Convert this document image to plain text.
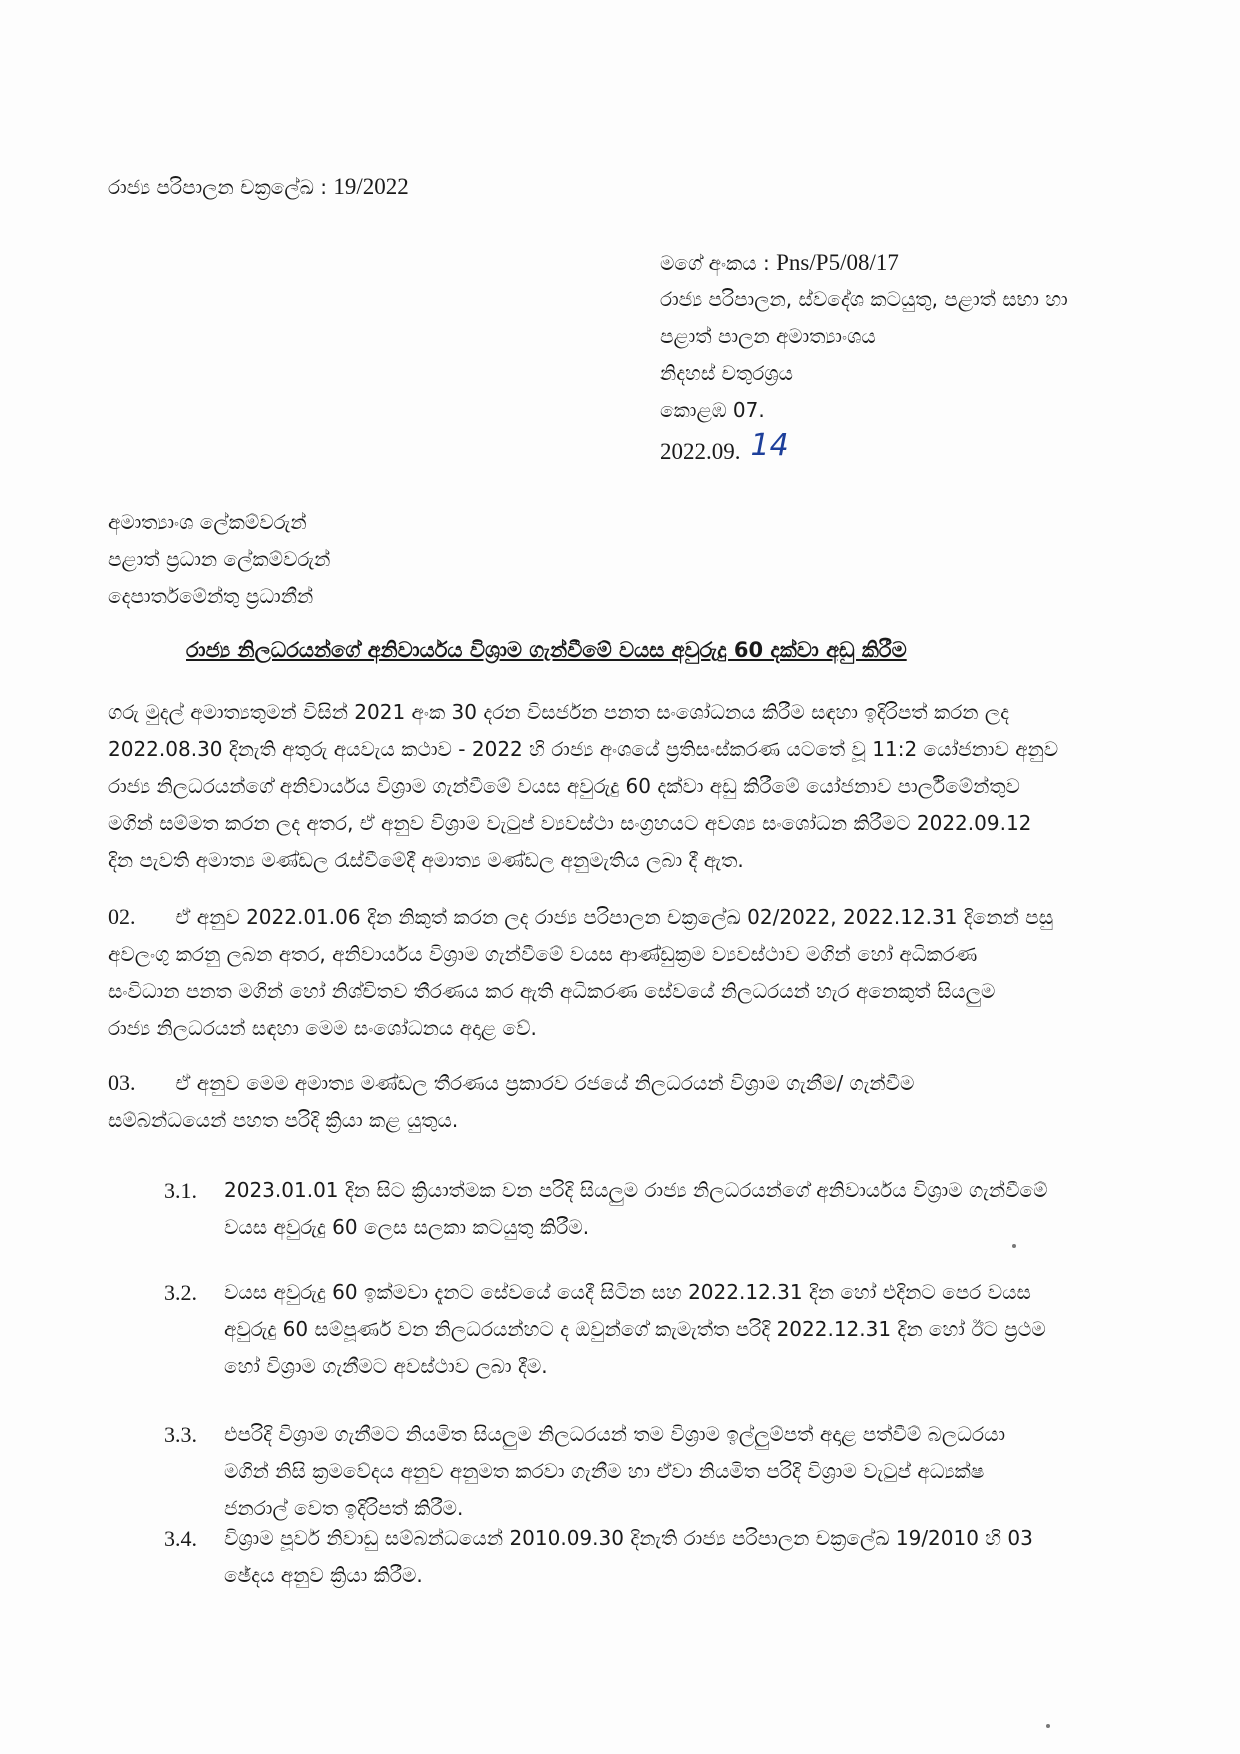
රාජ්‍ය පරිපාලන චක්‍රලේඛ : 19/2022
මගේ අංකය : Pns/P5/08/17
රාජ්‍ය පරිපාලන, ස්වදේශ කටයුතු, පළාත් සභා හා
පළාත් පාලන අමාත්‍යාංශය
නිදහස් චතුරශ්‍රය
කොළඹ 07.
2022.09. 14
අමාත්‍යාංශ ලේකම්වරුන්
පළාත් ප්‍රධාන ලේකම්වරුන්
දෙපාර්තමේන්තු ප්‍රධානීන්
රාජ්‍ය නිලධරයන්ගේ අනිවාර්යය විශ්‍රාම ගැන්වීමේ වයස අවුරුදු 60 දක්වා අඩු කිරීම
ගරු මුදල් අමාත්‍යතුමන් විසින් 2021 අංක 30 දරන විසර්ජන පනත සංශෝධනය කිරීම සඳහා ඉදිරිපත් කරන ලද
2022.08.30 දිනැති අතුරු අයවැය කථාව - 2022 හි රාජ්‍ය අංශයේ ප්‍රතිසංස්කරණ යටතේ වූ 11:2 යෝජනාව අනුව
රාජ්‍ය නිලධරයන්ගේ අනිවාර්යය විශ්‍රාම ගැන්වීමේ වයස අවුරුදු 60 දක්වා අඩු කිරීමේ යෝජනාව පාර්ලිමේන්තුව
මගින් සම්මත කරන ලද අතර, ඒ අනුව විශ්‍රාම වැටුප් ව්‍යවස්ථා සංග්‍රහයට අවශ්‍ය සංශෝධන කිරීමට 2022.09.12
දින පැවති අමාත්‍ය මණ්ඩල රැස්වීමේදී අමාත්‍ය මණ්ඩල අනුමැතිය ලබා දී ඇත.
02. ඒ අනුව 2022.01.06 දින නිකුත් කරන ලද රාජ්‍ය පරිපාලන චක්‍රලේඛ 02/2022, 2022.12.31 දිනෙන් පසු
අවලංගු කරනු ලබන අතර, අනිවාර්යය විශ්‍රාම ගැන්වීමේ වයස ආණ්ඩුක්‍රම ව්‍යවස්ථාව මගින් හෝ අධිකරණ
සංවිධාන පනත මගින් හෝ නිශ්චිතව තීරණය කර ඇති අධිකරණ සේවයේ නිලධරයන් හැර අනෙකුත් සියලුම
රාජ්‍ය නිලධරයන් සඳහා මෙම සංශෝධනය අදාළ වේ.
03. ඒ අනුව මෙම අමාත්‍ය මණ්ඩල තීරණය ප්‍රකාරව රජයේ නිලධරයන් විශ්‍රාම ගැනීම/ ගැන්වීම
සම්බන්ධයෙන් පහත පරිදි ක්‍රියා කළ යුතුය.
3.1.	2023.01.01 දින සිට ක්‍රියාත්මක වන පරිදි සියලුම රාජ්‍ය නිලධරයන්ගේ අනිවාර්යය විශ්‍රාම ගැන්වීමේ
වයස අවුරුදු 60 ලෙස සලකා කටයුතු කිරීම.
3.2.	වයස අවුරුදු 60 ඉක්මවා දැනට සේවයේ යෙදී සිටින සහ 2022.12.31 දින හෝ එදිනට පෙර වයස
අවුරුදු 60 සම්පූර්ණ වන නිලධරයන්හට ද ඔවුන්ගේ කැමැත්ත පරිදි 2022.12.31 දින හෝ ඊට ප්‍රථම
හෝ විශ්‍රාම ගැනීමට අවස්ථාව ලබා දීම.
3.3.	එපරිදි විශ්‍රාම ගැනීමට නියමිත සියලුම නිලධරයන් තම විශ්‍රාම ඉල්ලුම්පත් අදාළ පත්වීම් බලධරයා
මගින් නිසි ක්‍රමවේදය අනුව අනුමත කරවා ගැනීම හා ඒවා නියමිත පරිදි විශ්‍රාම වැටුප් අධ්‍යක්ෂ
ජනරාල් වෙත ඉදිරිපත් කිරීම.
3.4.	විශ්‍රාම පූර්ව නිවාඩු සම්බන්ධයෙන් 2010.09.30 දිනැති රාජ්‍ය පරිපාලන චක්‍රලේඛ 19/2010 හි 03
ඡේදය අනුව ක්‍රියා කිරීම.
